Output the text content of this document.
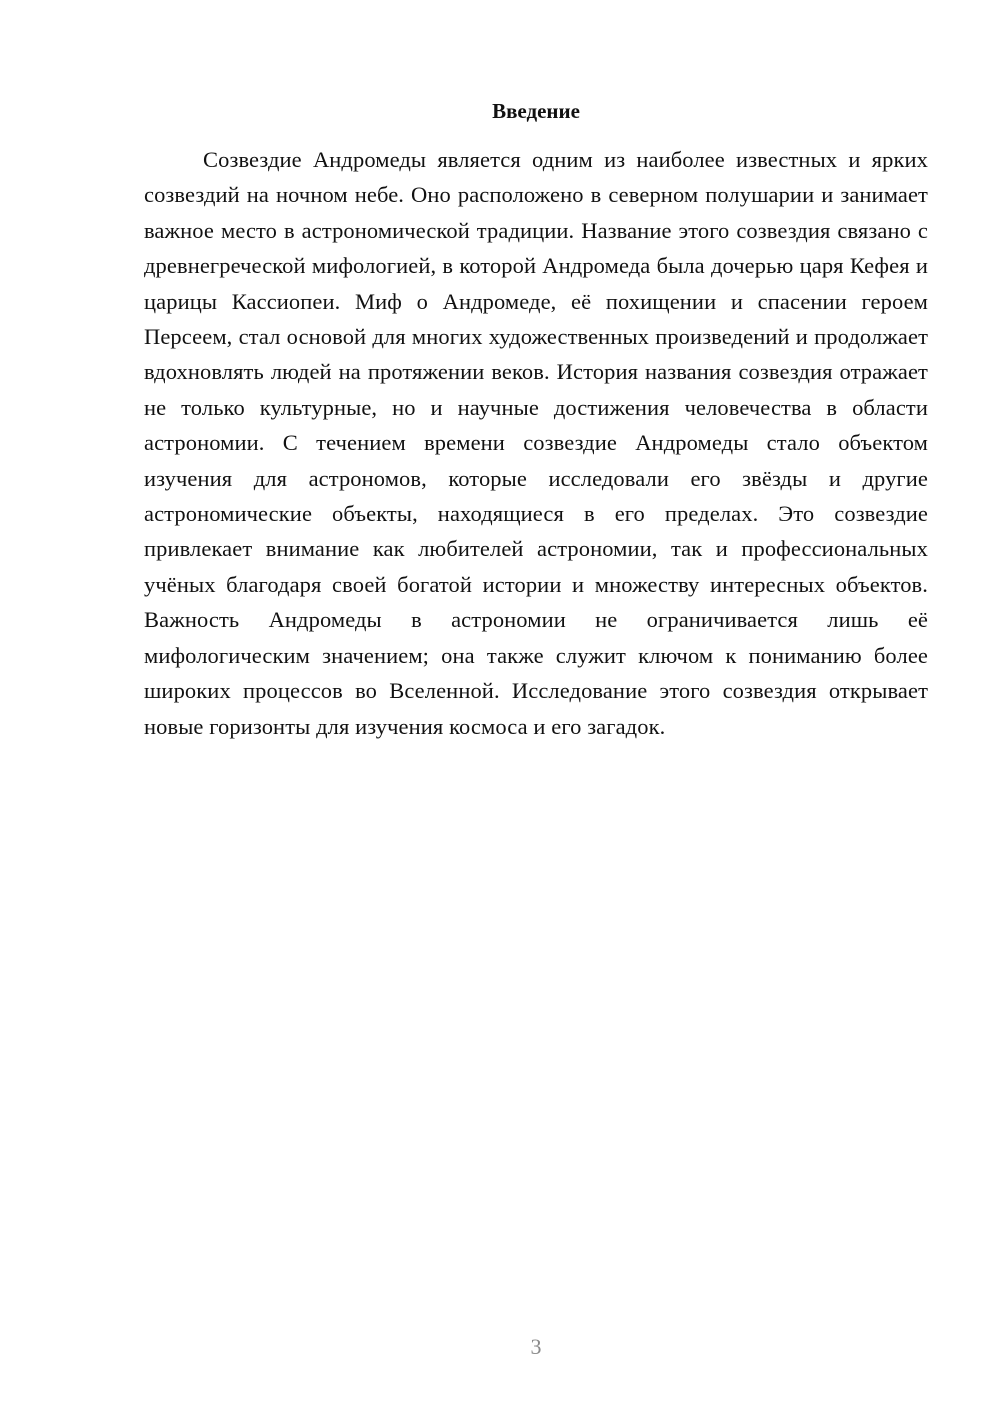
Введение

Созвездие Андромеды является одним из наиболее известных и ярких созвездий на ночном небе. Оно расположено в северном полушарии и занимает важное место в астрономической традиции. Название этого созвездия связано с древнегреческой мифологией, в которой Андромеда была дочерью царя Кефея и царицы Кассиопеи. Миф о Андромеде, её похищении и спасении героем Персеем, стал основой для многих художественных произведений и продолжает вдохновлять людей на протяжении веков. История названия созвездия отражает не только культурные, но и научные достижения человечества в области астрономии. С течением времени созвездие Андромеды стало объектом изучения для астрономов, которые исследовали его звёзды и другие астрономические объекты, находящиеся в его пределах. Это созвездие привлекает внимание как любителей астрономии, так и профессиональных учёных благодаря своей богатой истории и множеству интересных объектов. Важность Андромеды в астрономии не ограничивается лишь её мифологическим значением; она также служит ключом к пониманию более широких процессов во Вселенной. Исследование этого созвездия открывает новые горизонты для изучения космоса и его загадок.

3
